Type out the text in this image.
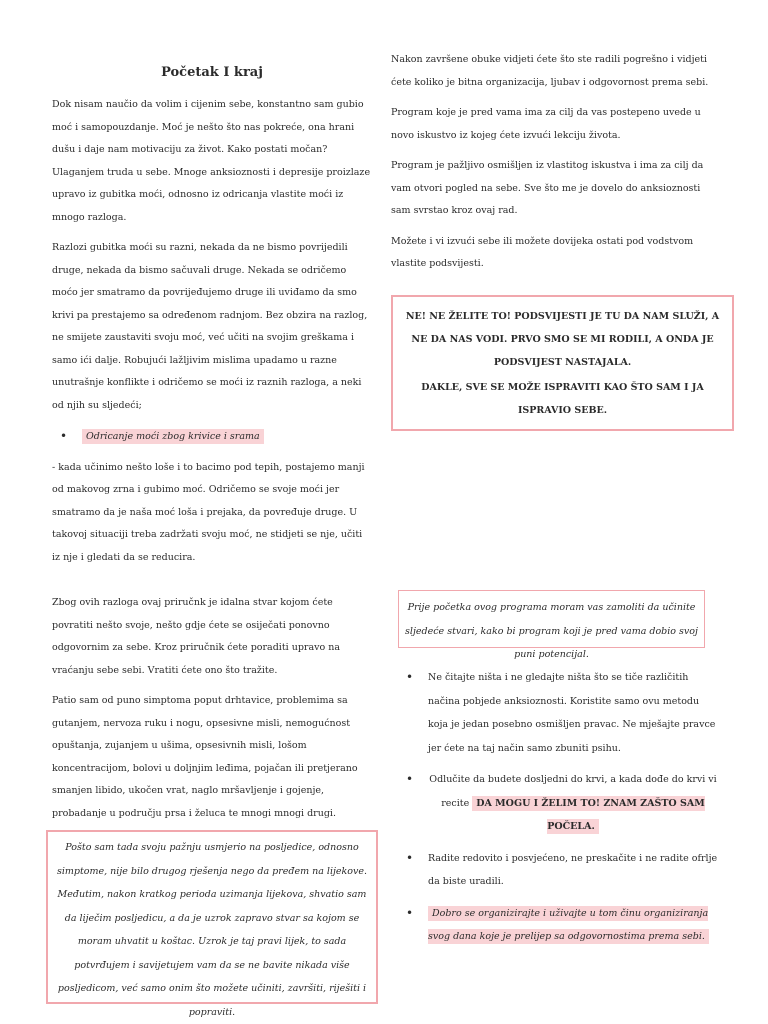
Početak I kraj

Dok nisam naučio da volim i cijenim sebe, konstantno sam gubio moć i samopouzdanje. Moć je nešto što nas pokreće, ona hrani dušu i daje nam motivaciju za život. Kako postati močan? Ulaganjem truda u sebe. Mnoge anksioznosti i depresije proizlaze upravo iz gubitka moći, odnosno iz odricanja vlastite moći iz mnogo razloga.

Razlozi gubitka moći su razni, nekada da ne bismo povrijedili druge, nekada da bismo sačuvali druge. Nekada se odričemo moćo jer smatramo da povrijeđujemo druge ili uviđamo da smo krivi pa prestajemo sa određenom radnjom. Bez obzira na razlog, ne smijete zaustaviti svoju moć, već učiti na svojim greškama i samo ići dalje. Robujući lažljivim mislima upadamo u razne unutrašnje konflikte i odričemo se moći iz raznih razloga, a neki od njih su sljedeći;

• Odricanje moći zbog krivice i srama

- kada učinimo nešto loše i to bacimo pod tepih, postajemo manji od makovog zrna i gubimo moć. Odričemo se svoje moći jer smatramo da je naša moć loša i prejaka, da povređuje druge. U takovoj situaciji treba zadržati svoju moć, ne stidjeti se nje, učiti iz nje i gledati da se reducira.

Nakon završene obuke vidjeti ćete što ste radili pogrešno i vidjeti ćete koliko je bitna organizacija, ljubav i odgovornost prema sebi.

Program koje je pred vama ima za cilj da vas postepeno uvede u novo iskustvo iz kojeg ćete izvući lekciju života.

Program je pažljivo osmišljen iz vlastitog iskustva i ima za cilj da vam otvori pogled na sebe. Sve što me je dovelo do anksioznosti sam svrstao kroz ovaj rad.

Možete i vi izvući sebe ili možete dovijeka ostati pod vodstvom vlastite podsvijesti.

NE! NE ŽELITE TO! PODSVIJESTI JE TU DA NAM SLUŽI, A NE DA NAS VODI. PRVO SMO SE MI RODILI, A ONDA JE PODSVIJEST NASTAJALA.

DAKLE, SVE SE MOŽE ISPRAVITI KAO ŠTO SAM I JA ISPRAVIO SEBE.

Zbog ovih razloga ovaj priručnk je idalna stvar kojom ćete povratiti nešto svoje, nešto gdje ćete se osiječati ponovno odgovornim za sebe. Kroz priručnik ćete poraditi upravo na vraćanju sebe sebi. Vratiti ćete ono što tražite.

Patio sam od puno simptoma poput drhtavice, problemima sa gutanjem, nervoza ruku i nogu, opsesivne misli, nemogućnost opuštanja, zujanjem u ušima, opsesivnih misli, lošom koncentracijom, bolovi u doljnjim leđima, pojačan ili pretjerano smanjen libido, ukočen vrat, naglo mršavljenje i gojenje, probadanje u području prsa i želuca te mnogi mnogi drugi.

Pošto sam tada svoju pažnju usmjerio na posljedice, odnosno simptome, nije bilo drugog rješenja nego da pređem na lijekove. Međutim, nakon kratkog perioda uzimanja lijekova, shvatio sam da liječim posljedicu, a da je uzrok zapravo stvar sa kojom se moram uhvatit u koštac. Uzrok je taj pravi lijek, to sada potvrđujem i savijetujem vam da se ne bavite nikada više posljedicom, već samo onim što možete učiniti, završiti, riješiti i popraviti.

Prije početka ovog programa moram vas zamoliti da učinite sljedeće stvari, kako bi program koji je pred vama dobio svoj puni potencijal.

• Ne čitajte ništa i ne gledajte ništa što se tiče različitih načina pobjede anksioznosti. Koristite samo ovu metodu koja je jedan posebno osmišljen pravac. Ne mješajte pravce jer ćete na taj način samo zbuniti psihu.
• Odlučite da budete dosljedni do krvi, a kada dođe do krvi vi recite DA MOGU I ŽELIM TO! ZNAM ZAŠTO SAM POČELA.
• Radite redovito i posvjećeno, ne preskačite i ne radite ofrlje da biste uradili.
• Dobro se organizirajte i uživajte u tom činu organiziranja svog dana koje je prelijep sa odgovornostima prema sebi.
